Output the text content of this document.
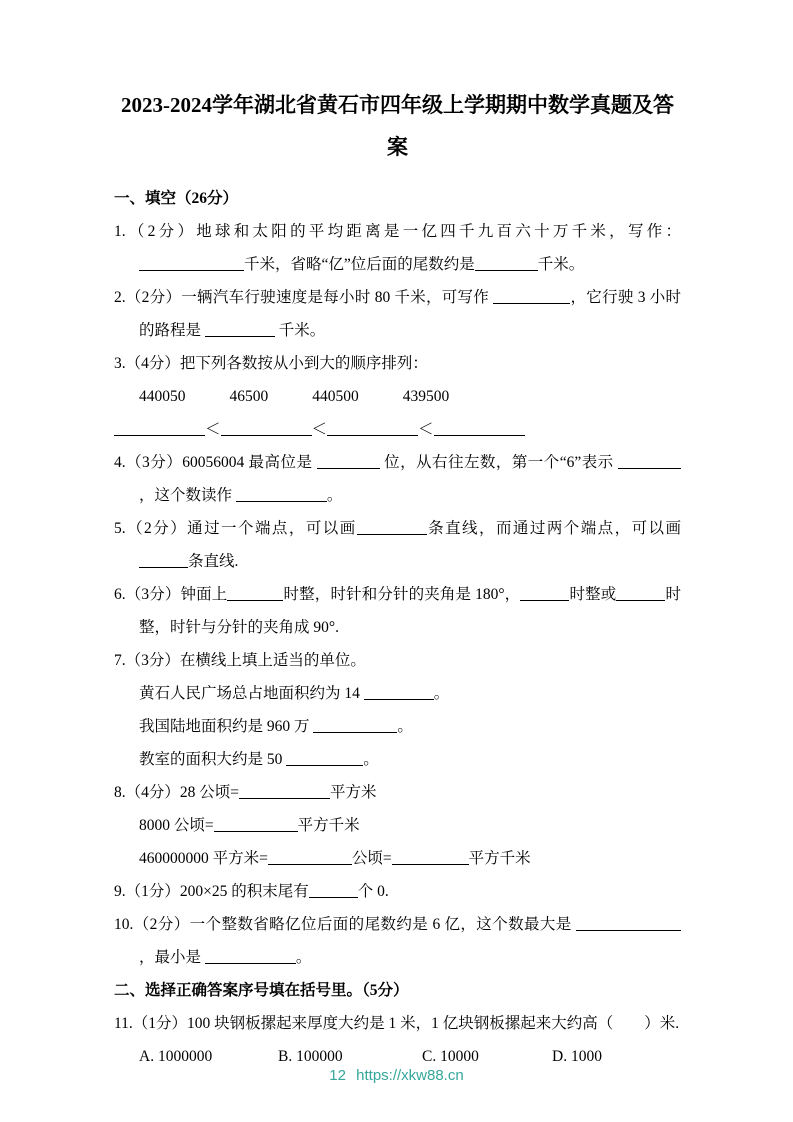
2023-2024学年湖北省黄石市四年级上学期期中数学真题及答案
一、填空（26分）
1.（2分）地球和太阳的平均距离是一亿四千九百六十万千米，写作：千米，省略“亿”位后面的尾数约是	千米。
2.（2分）一辆汽车行驶速度是每小时 80 千米，可写作	，它行驶 3 小时的路程是	千米。
3.（4分）把下列各数按从小到大的顺序排列：
440050	46500	440500	439500
＜	＜	＜
4.（3分）60056004 最高位是	位，从右往左数，第一个“6”表示 ，这个数读作	。
5.（2分）通过一个端点，可以画	条直线，而通过两个端点，可以画条直线.
6.（3分）钟面上	时整，时针和分针的夹角是 180°，	时整或	时整，时针与分针的夹角成 90°.
7.（3分）在横线上填上适当的单位。
黄石人民广场总占地面积约为 14	。
我国陆地面积约是 960 万	。
教室的面积大约是 50	。
8.（4分）28 公顷=	平方米
8000 公顷=	平方千米
460000000 平方米=	公顷=	平方千米
9.（1分）200×25 的积末尾有	个 0.
10.（2分）一个整数省略亿位后面的尾数约是 6 亿，这个数最大是 ，最小是	。
二、选择正确答案序号填在括号里。（5分）
11.（1分）100 块钢板摞起来厚度大约是 1 米，1 亿块钢板摞起来大约高（　　）米.
A. 1000000	B. 100000	C. 10000	D. 1000
12 https://xkw88.cn
